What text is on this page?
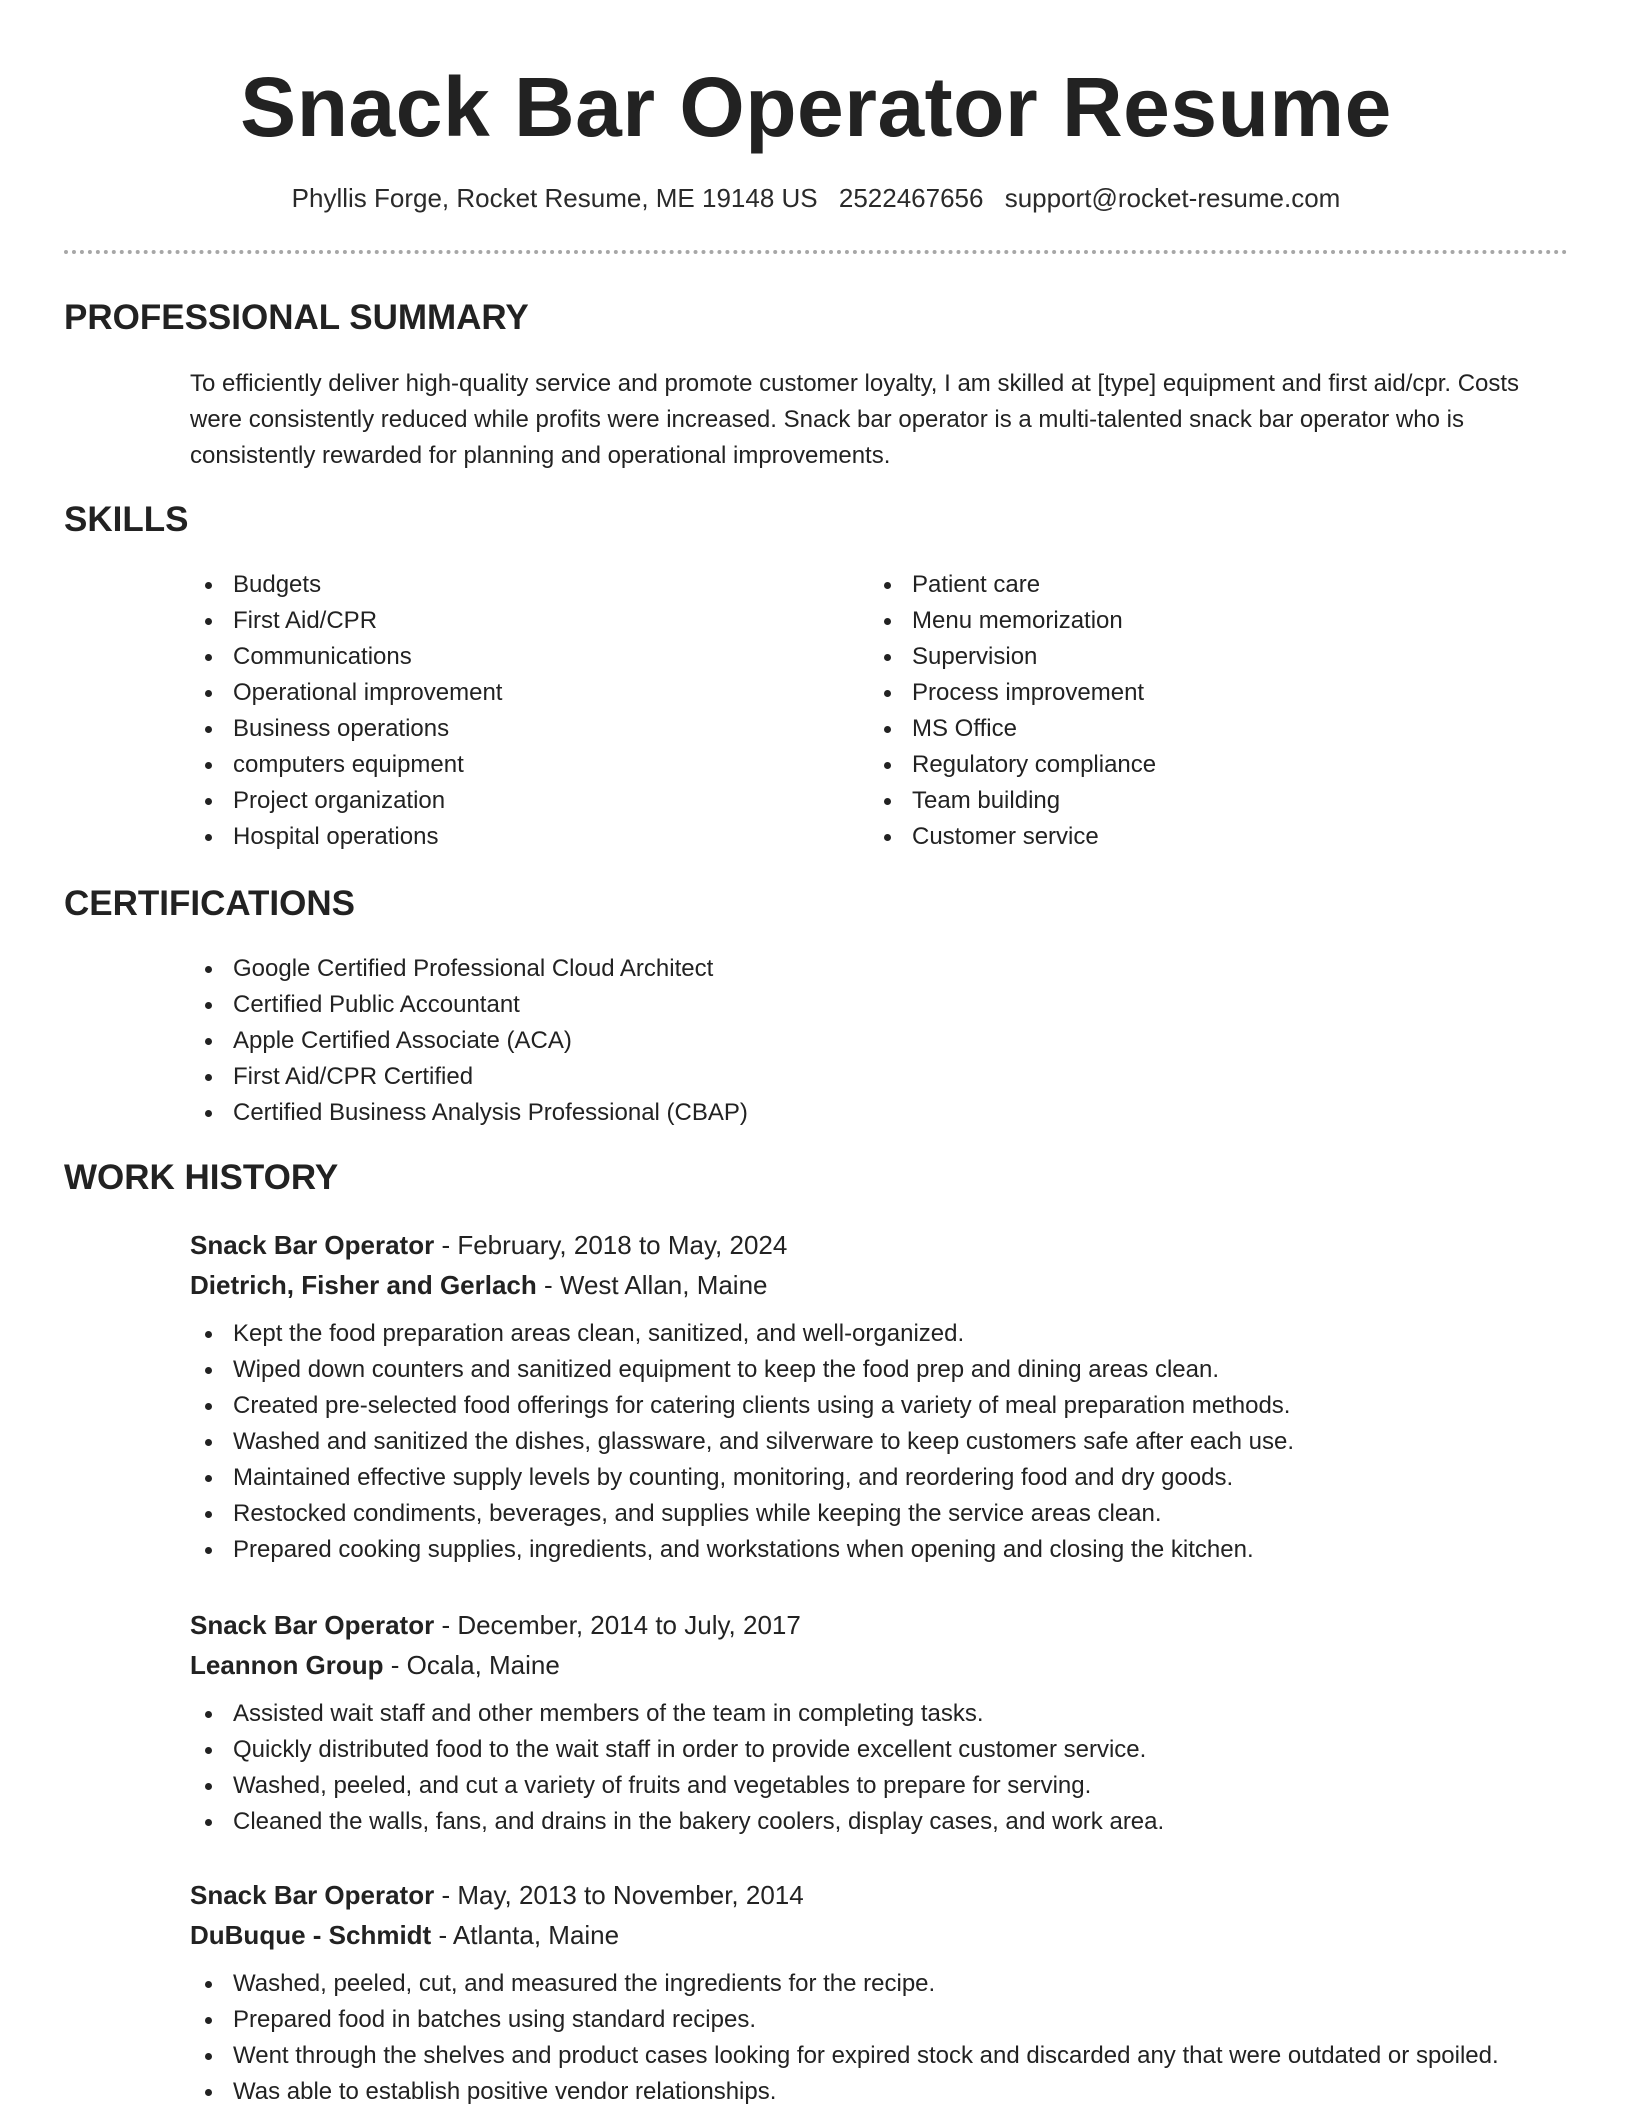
Snack Bar Operator Resume
Phyllis Forge, Rocket Resume, ME 19148 US 2522467656 support@rocket-resume.com
PROFESSIONAL SUMMARY

To efficiently deliver high-quality service and promote customer loyalty, I am skilled at [type] equipment and first aid/cpr. Costs were consistently reduced while profits were increased. Snack bar operator is a multi-talented snack bar operator who is consistently rewarded for planning and operational improvements.

SKILLS
Budgets
First Aid/CPR
Communications
Operational improvement
Business operations
computers equipment
Project organization
Hospital operations
Patient care
Menu memorization
Supervision
Process improvement
MS Office
Regulatory compliance
Team building
Customer service
CERTIFICATIONS
Google Certified Professional Cloud Architect
Certified Public Accountant
Apple Certified Associate (ACA)
First Aid/CPR Certified
Certified Business Analysis Professional (CBAP)
WORK HISTORY
Snack Bar Operator - February, 2018 to May, 2024
Dietrich, Fisher and Gerlach - West Allan, Maine
Kept the food preparation areas clean, sanitized, and well-organized.
Wiped down counters and sanitized equipment to keep the food prep and dining areas clean.
Created pre-selected food offerings for catering clients using a variety of meal preparation methods.
Washed and sanitized the dishes, glassware, and silverware to keep customers safe after each use.
Maintained effective supply levels by counting, monitoring, and reordering food and dry goods.
Restocked condiments, beverages, and supplies while keeping the service areas clean.
Prepared cooking supplies, ingredients, and workstations when opening and closing the kitchen.
Snack Bar Operator - December, 2014 to July, 2017
Leannon Group - Ocala, Maine
Assisted wait staff and other members of the team in completing tasks.
Quickly distributed food to the wait staff in order to provide excellent customer service.
Washed, peeled, and cut a variety of fruits and vegetables to prepare for serving.
Cleaned the walls, fans, and drains in the bakery coolers, display cases, and work area.
Snack Bar Operator - May, 2013 to November, 2014
DuBuque - Schmidt - Atlanta, Maine
Washed, peeled, cut, and measured the ingredients for the recipe.
Prepared food in batches using standard recipes.
Went through the shelves and product cases looking for expired stock and discarded any that were outdated or spoiled.
Was able to establish positive vendor relationships.
